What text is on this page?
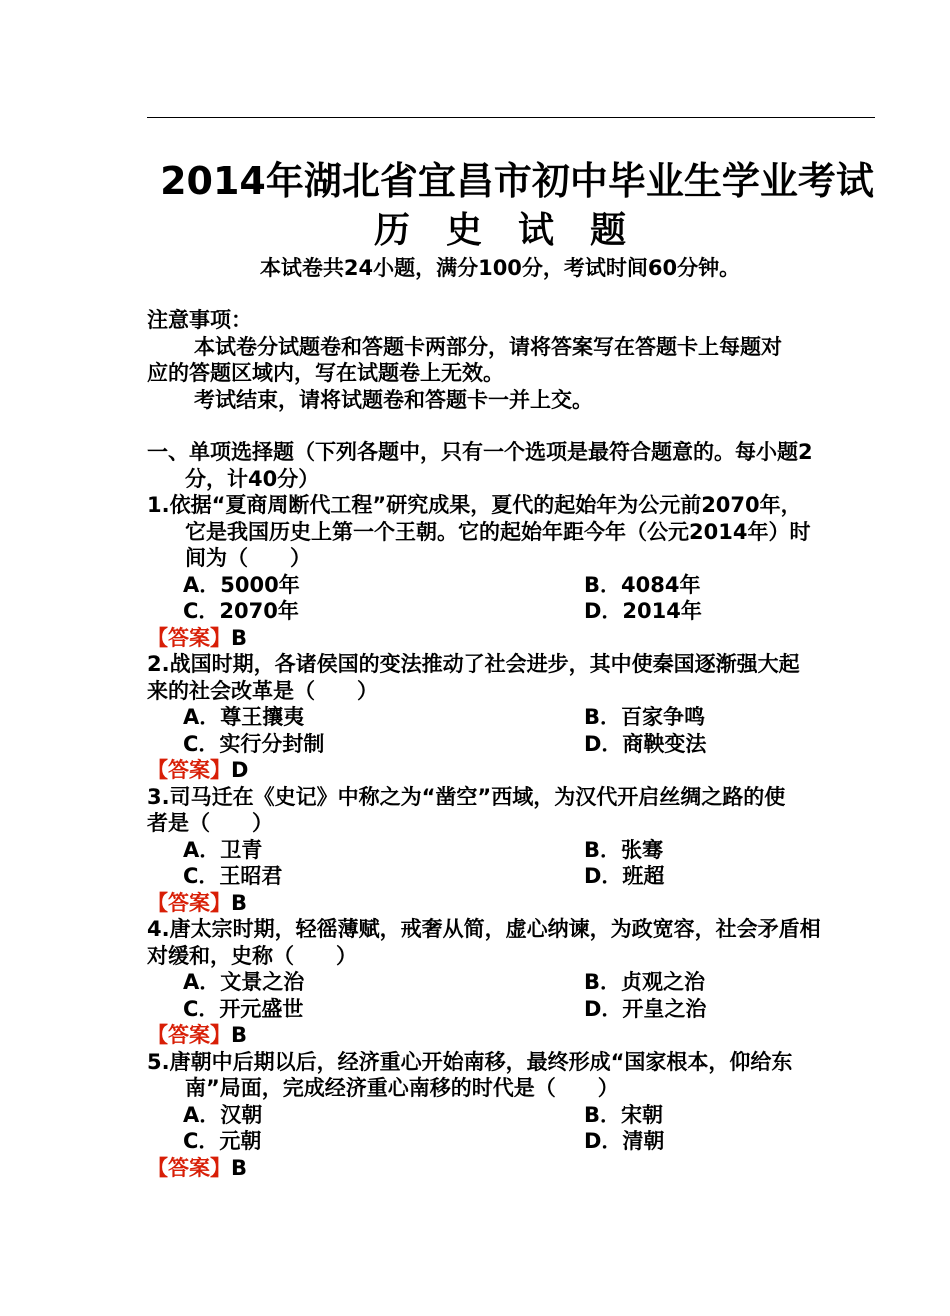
2014年湖北省宜昌市初中毕业生学业考试
历 史 试 题
本试卷共24小题，满分100分，考试时间60分钟。
注意事项：
本试卷分试题卷和答题卡两部分，请将答案写在答题卡上每题对
应的答题区域内，写在试题卷上无效。
考试结束，请将试题卷和答题卡一并上交。
一、单项选择题（下列各题中，只有一个选项是最符合题意的。每小题2
分，计40分）
1.依据“夏商周断代工程”研究成果，夏代的起始年为公元前2070年，
它是我国历史上第一个王朝。它的起始年距今年（公元2014年）时
间为（　　）
A．5000年	B．4084年
C．2070年	D．2014年
【答案】B
2.战国时期，各诸侯国的变法推动了社会进步，其中使秦国逐渐强大起
来的社会改革是（　　）
A．尊王攘夷	B．百家争鸣
C．实行分封制	D．商鞅变法
【答案】D
3.司马迁在《史记》中称之为“凿空”西域，为汉代开启丝绸之路的使
者是（　　）
A．卫青	B．张骞
C．王昭君	D．班超
【答案】B
4.唐太宗时期，轻徭薄赋，戒奢从简，虚心纳谏，为政宽容，社会矛盾相
对缓和，史称（　　）
A．文景之治	B．贞观之治
C．开元盛世	D．开皇之治
【答案】B
5.唐朝中后期以后，经济重心开始南移，最终形成“国家根本，仰给东
南”局面，完成经济重心南移的时代是（　　）
A．汉朝	B．宋朝
C．元朝	D．清朝
【答案】B
